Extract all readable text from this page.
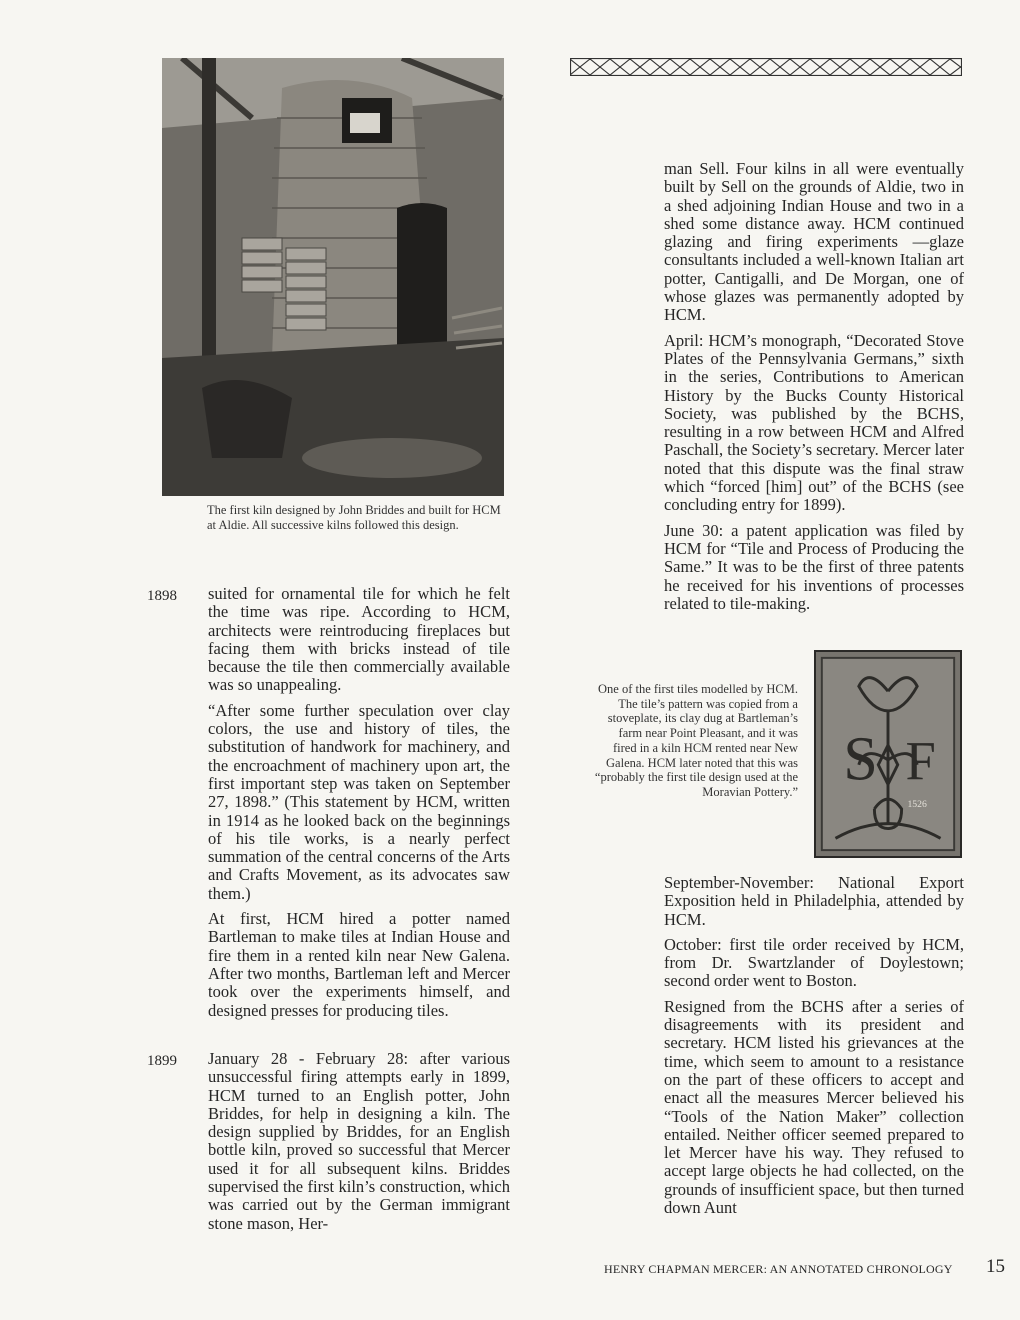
The first kiln designed by John Briddes and built for HCM at Aldie. All successive kilns followed this design.
1898 suited for ornamental tile for which he felt the time was ripe. According to HCM, architects were reintroducing fireplaces but facing them with bricks instead of tile because the tile then commercially available was so unappealing.

“After some further speculation over clay colors, the use and history of tiles, the substitution of handwork for machinery, and the encroachment of machinery upon art, the first important step was taken on September 27, 1898.” (This statement by HCM, written in 1914 as he looked back on the beginnings of his tile works, is a nearly perfect summation of the central concerns of the Arts and Crafts Movement, as its advocates saw them.)

At first, HCM hired a potter named Bartleman to make tiles at Indian House and fire them in a rented kiln near New Galena. After two months, Bartleman left and Mercer took over the experiments himself, and designed presses for producing tiles.

1899 January 28 - February 28: after various unsuccessful firing attempts early in 1899, HCM turned to an English potter, John Briddes, for help in designing a kiln. The design supplied by Briddes, for an English bottle kiln, proved so successful that Mercer used it for all subsequent kilns. Briddes supervised the first kiln’s construction, which was carried out by the German immigrant stone mason, Her-

man Sell. Four kilns in all were eventually built by Sell on the grounds of Aldie, two in a shed adjoining Indian House and two in a shed some distance away. HCM continued glazing and firing experiments —glaze consultants included a well-known Italian art potter, Cantigalli, and De Morgan, one of whose glazes was permanently adopted by HCM.

April: HCM’s monograph, “Decorated Stove Plates of the Pennsylvania Germans,” sixth in the series, Contributions to American History by the Bucks County Historical Society, was published by the BCHS, resulting in a row between HCM and Alfred Paschall, the Society’s secretary. Mercer later noted that this dispute was the final straw which “forced [him] out” of the BCHS (see concluding entry for 1899).

June 30: a patent application was filed by HCM for “Tile and Process of Producing the Same.” It was to be the first of three patents he received for his inventions of processes related to tile-making.

One of the first tiles modelled by HCM. The tile’s pattern was copied from a stoveplate, its clay dug at Bartleman’s farm near Point Pleasant, and it was fired in a kiln HCM rented near New Galena. HCM later noted that this was “probably the first tile design used at the Moravian Pottery.” S F
1526

September-November: National Export Exposition held in Philadelphia, attended by HCM.

October: first tile order received by HCM, from Dr. Swartzlander of Doylestown; second order went to Boston.

Resigned from the BCHS after a series of disagreements with its president and secretary. HCM listed his grievances at the time, which seem to amount to a resistance on the part of these officers to accept and enact all the measures Mercer believed his “Tools of the Nation Maker” collection entailed. Neither officer seemed prepared to let Mercer have his way. They refused to accept large objects he had collected, on the grounds of insufficient space, but then turned down Aunt

HENRY CHAPMAN MERCER: AN ANNOTATED CHRONOLOGY 15
